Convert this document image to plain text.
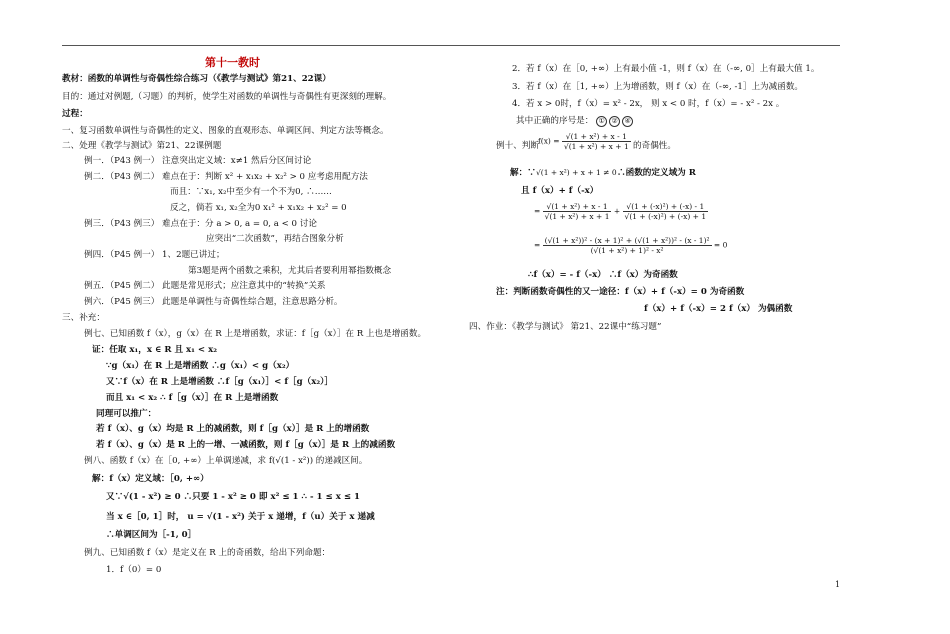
第十一教时
教材：函数的单调性与奇偶性综合练习（《教学与测试》第21、22课）
目的：通过对例题,（习题）的判析，使学生对函数的单调性与奇偶性有更深刻的理解。
过程：
一、复习函数单调性与奇偶性的定义、图象的直观形态、单调区间、判定方法等概念。
二、处理《教学与测试》第21、22课例题
例一．（P43 例一） 注意突出定义域：x≠1 然后分区间讨论
例二．（P43 例二） 难点在于：判断 x² + x₁x₂ + x₂² > 0 应考虑用配方法
而且：∵x₁, x₂中至少有一个不为0, ∴……
反之，倘若 x₁, x₂全为0 x₁² + x₁x₂ + x₂² = 0
例三．（P43 例三） 难点在于：分 a > 0, a = 0, a < 0 讨论
应突出“二次函数”，再结合图象分析
例四．（P45 例一） 1、2题已讲过；
第3题是两个函数之乘积，尤其后者要利用幂指数概念
例五．（P45 例二） 此题是常见形式；应注意其中的“转换”关系
例六．（P45 例三） 此题是单调性与奇偶性综合题，注意思路分析。
三、补充：
例七、已知函数 f（x），g（x）在 R 上是增函数，求证：f［g（x）］在 R 上也是增函数。
证：任取 x₁，x ∈ R 且 x₁ < x₂
∵g（x₁）在 R 上是增函数 ∴g（x₁）< g（x₂）
又∵f（x）在 R 上是增函数 ∴f［g（x₁）］< f［g（x₂）］
而且 x₁ < x₂ ∴ f［g（x）］在 R 上是增函数
同理可以推广：
若 f（x）、g（x）均是 R 上的减函数，则 f［g（x）］是 R 上的增函数
若 f（x）、g（x）是 R 上的一增、一减函数，则 f［g（x）］是 R 上的减函数
例八、函数 f（x）在［0, +∞）上单调递减，求 f(√(1 - x²)) 的递减区间。
解：f（x）定义域：［0, +∞）
又∵√(1 - x²) ≥ 0 ∴只要 1 - x² ≥ 0 即 x² ≤ 1 ∴ - 1 ≤ x ≤ 1
当 x ∈［0, 1］时， u = √(1 - x²) 关于 x 递增，f（u）关于 x 递减
∴单调区间为［-1, 0］
例九、已知函数 f（x）是定义在 R 上的奇函数，给出下列命题：
1．f（0）= 0
2．若 f（x）在［0, +∞）上有最小值 -1，则 f（x）在（-∞, 0］上有最大值 1。
3．若 f（x）在［1, +∞）上为增函数，则 f（x）在（-∞, -1］上为减函数。
4．若 x > 0时，f（x）= x² - 2x， 则 x < 0 时，f（x）= - x² - 2x 。
其中正确的序号是： ① ② ④
例十、判断 $f(x) = \frac{\text{√(1 + x²) + x - 1}}{\text{√(1 + x²) + x + 1}}$ 的奇偶性。
解：∵ √(1 + x²) + x + 1 ≠ 0 ∴函数的定义域为 R
且 f（x）+ f（-x）
= $\frac{\text{√(1 + x²) + x - 1}}{\text{√(1 + x²) + x + 1}} + \frac{\text{√(1 + (-x)²) + (-x) - 1}}{\text{√(1 + (-x)²) + (-x) + 1}}$
= $\frac{\text{(√(1 + x²))² - (x + 1)² + (√(1 + x²))² - (x - 1)²}}{\text{(√(1 + x²) + 1)² - x²}} = 0$
∴f（x）= - f（-x） ∴f（x）为奇函数
注：判断函数奇偶性的又一途径：f（x）+ f（-x）= 0 为奇函数
f（x）+ f（-x）= 2 f（x） 为偶函数
四、作业：《教学与测试》 第21、22课中“练习题”
1
